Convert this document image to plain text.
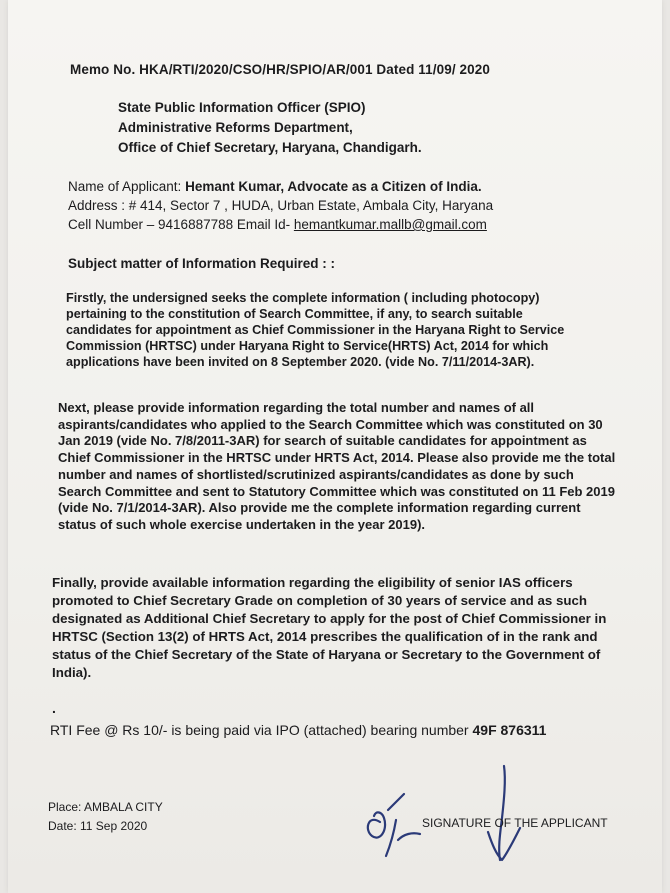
Memo No. HKA/RTI/2020/CSO/HR/SPIO/AR/001 Dated 11/09/ 2020
State Public Information Officer (SPIO)
Administrative Reforms Department,
Office of Chief Secretary, Haryana, Chandigarh.
Name of Applicant: Hemant Kumar, Advocate as a Citizen of India.
Address : # 414, Sector 7 , HUDA, Urban Estate, Ambala City, Haryana
Cell Number – 9416887788 Email Id- hemantkumar.mallb@gmail.com
Subject matter of Information Required : :
Firstly, the undersigned seeks the complete information ( including photocopy) pertaining to the constitution of Search Committee, if any, to search suitable candidates for appointment as Chief Commissioner in the Haryana Right to Service Commission (HRTSC) under Haryana Right to Service(HRTS) Act, 2014 for which applications have been invited on 8 September 2020. (vide No. 7/11/2014-3AR).
Next, please provide information regarding the total number and names of all aspirants/candidates who applied to the Search Committee which was constituted on 30 Jan 2019 (vide No. 7/8/2011-3AR) for search of suitable candidates for appointment as Chief Commissioner in the HRTSC under HRTS Act, 2014. Please also provide me the total number and names of shortlisted/scrutinized aspirants/candidates as done by such Search Committee and sent to Statutory Committee which was constituted on 11 Feb 2019 (vide No. 7/1/2014-3AR). Also provide me the complete information regarding current status of such whole exercise undertaken in the year 2019).
Finally, provide available information regarding the eligibility of senior IAS officers promoted to Chief Secretary Grade on completion of 30 years of service and as such designated as Additional Chief Secretary to apply for the post of Chief Commissioner in HRTSC (Section 13(2) of HRTS Act, 2014 prescribes the qualification of in the rank and status of the Chief Secretary of the State of Haryana or Secretary to the Government of India).
.
RTI Fee @ Rs 10/- is being paid via IPO (attached) bearing number 49F 876311
Place: AMBALA CITY
Date: 11 Sep 2020	SIGNATURE OF THE APPLICANT
